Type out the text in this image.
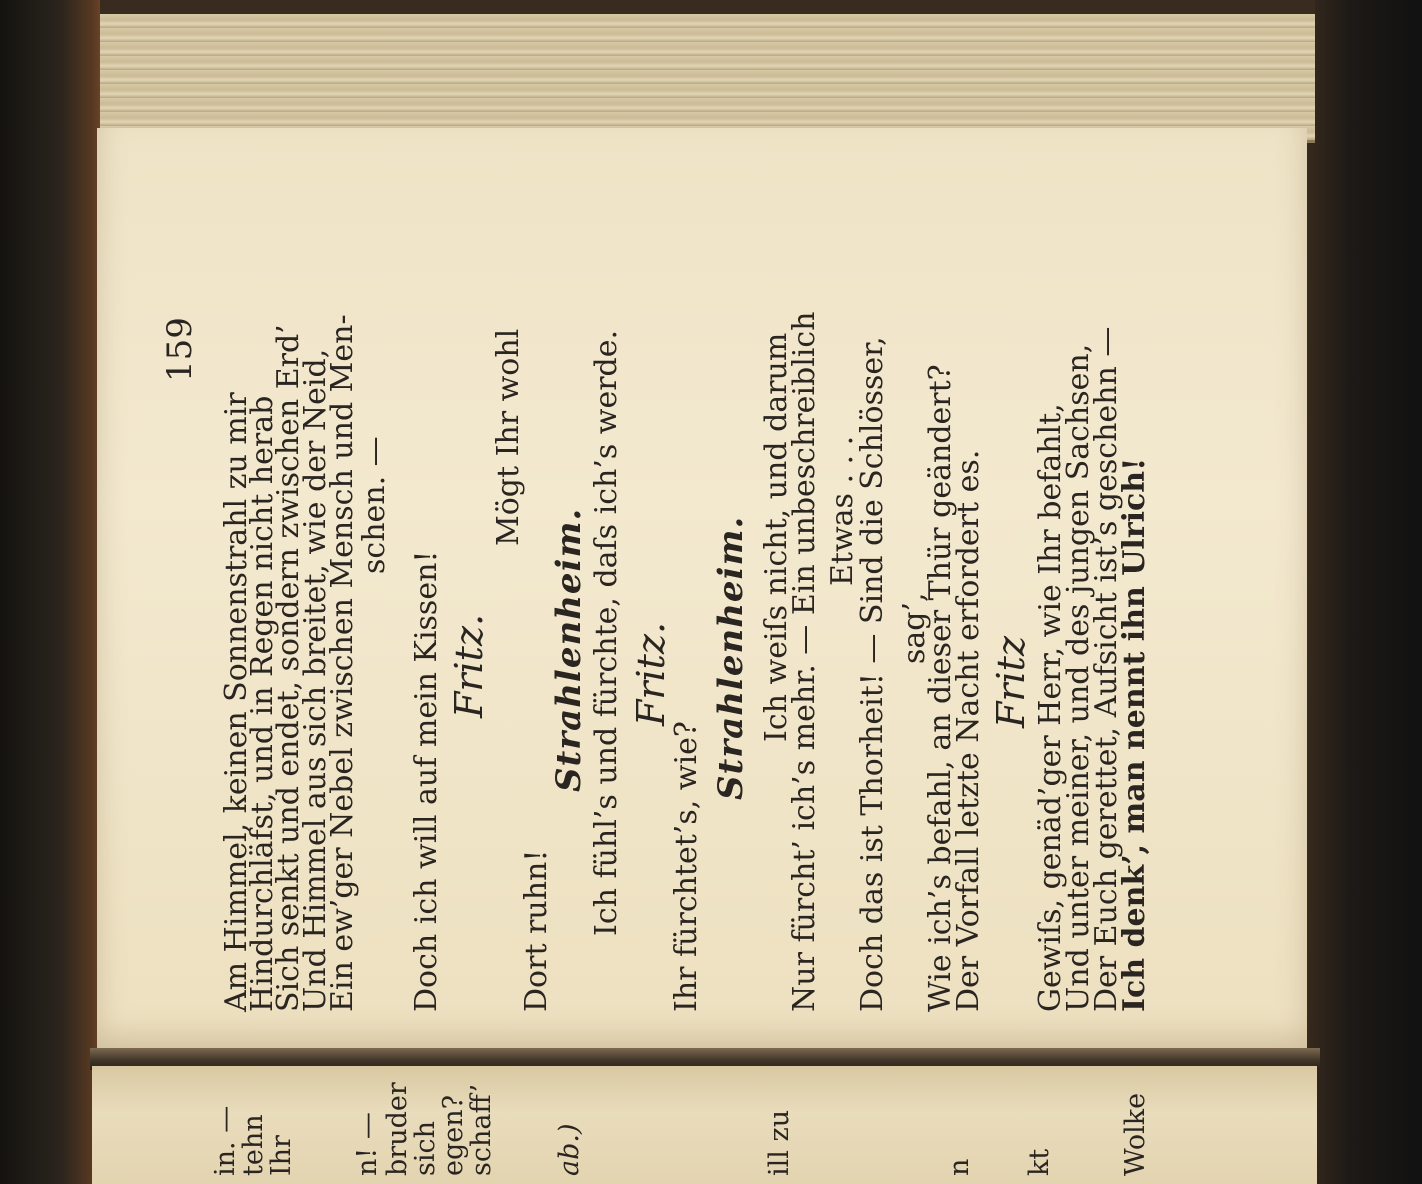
159
Am Himmel, keinen Sonnenstrahl zu mir
Hindurchläfst, und in Regen nicht herab
Sich senkt und endet, sondern zwischen Erd’
Und Himmel aus sich breitet, wie der Neid,
Ein ew’ger Nebel zwischen Mensch und Men-
schen. —
Doch ich will auf mein Kissen! Fritz.
Mögt Ihr wohl
Dort ruhn!
Strahlenheim. Ich fühl’s und fürchte, daſs ich’s werde. Fritz.
Ihr fürchtet’s, wie?
Strahlenheim. Ich weiſs nicht, und darum
Nur fürcht’ ich’s mehr. — Ein unbeschreiblich Etwas . . .
Doch das ist Thorheit! — Sind die Schlösser, sag’,
Wie ich’s befahl, an dieser Thür geändert?
Der Vorfall letzte Nacht erfordert es. Fritz Gewiſs, genäd’ger Herr, wie Ihr befahlt,
Und unter meiner, und des jungen Sachsen,
Der Euch gerettet, Aufsicht ist’s geschehn —
Ich denk’, man nennt ihn Ulrich!
in. —
tehn
Ihr n! — bruder
sich
egen?
schaff’ ab.)	ill zu	n kt Wolke
